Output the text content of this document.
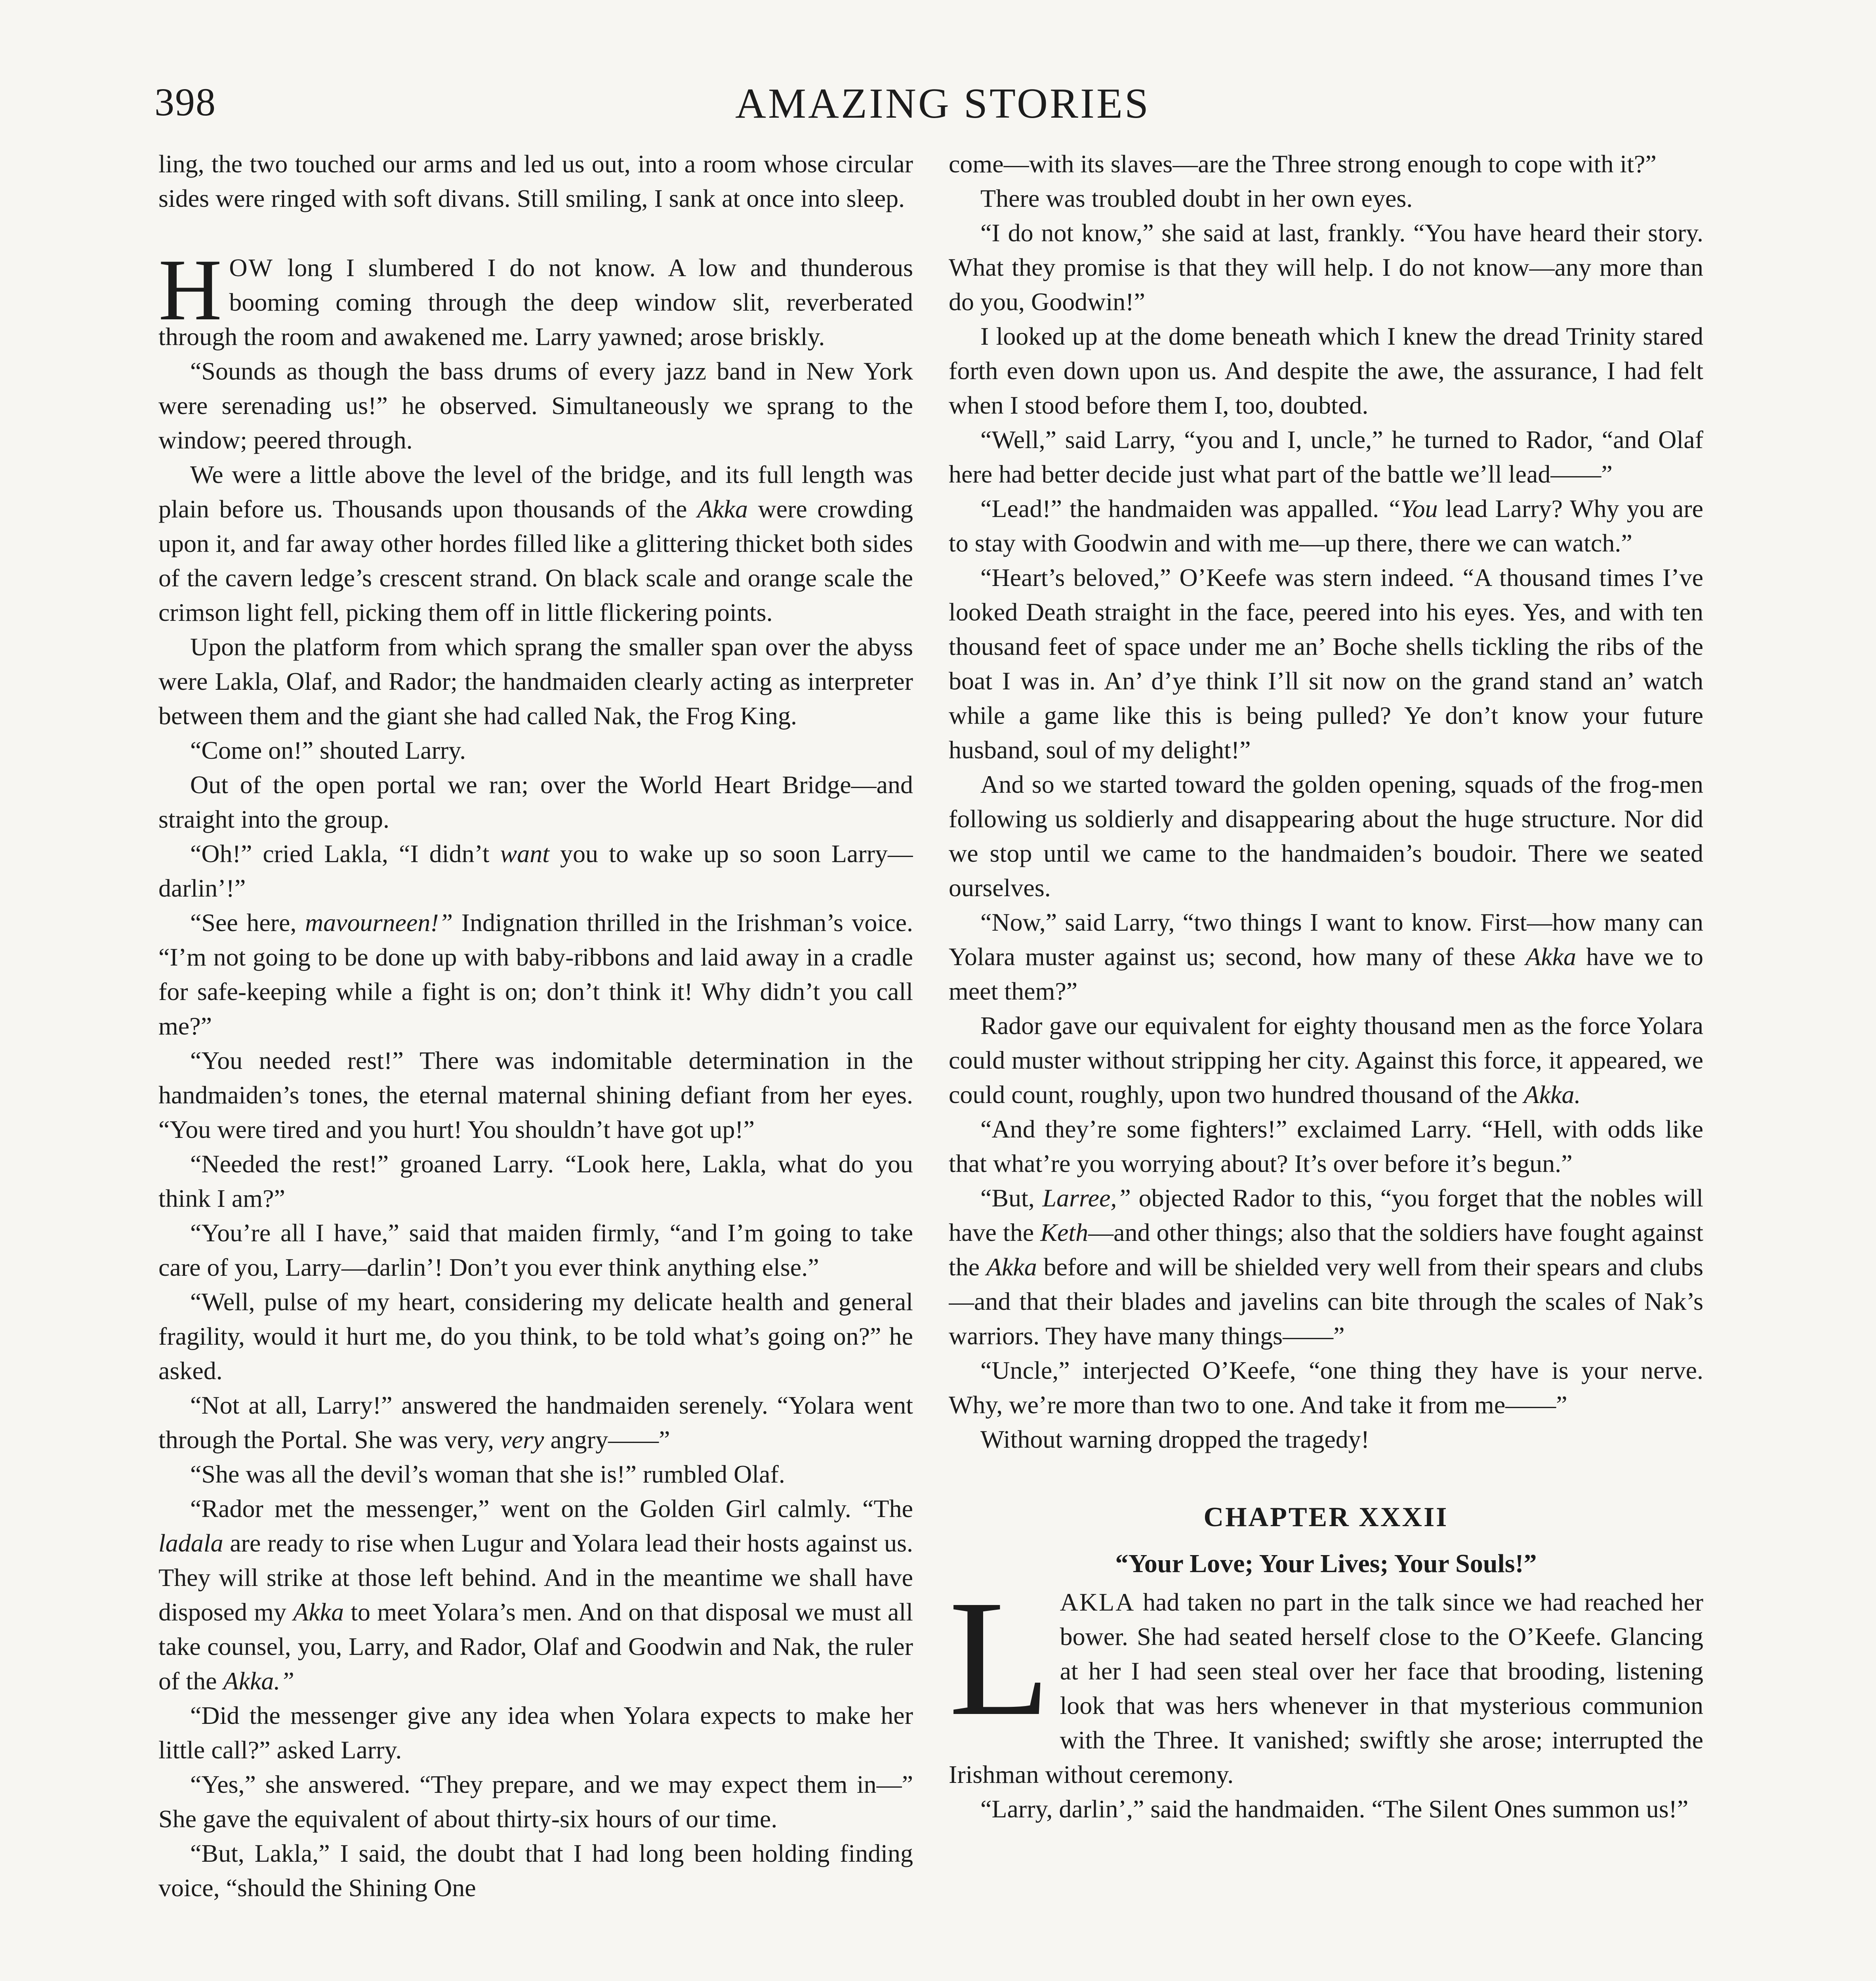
398	AMAZING STORIES

ling, the two touched our arms and led us out, into a room whose circular sides were ringed with soft divans. Still smiling, I sank at once into sleep.

HOW long I slumbered I do not know. A low and thunderous booming coming through the deep window slit, reverberated through the room and awakened me. Larry yawned; arose briskly.

“Sounds as though the bass drums of every jazz band in New York were serenading us!” he observed. Simultaneously we sprang to the window; peered through.

We were a little above the level of the bridge, and its full length was plain before us. Thousands upon thousands of the Akka were crowding upon it, and far away other hordes filled like a glittering thicket both sides of the cavern ledge’s crescent strand. On black scale and orange scale the crimson light fell, picking them off in little flickering points.

Upon the platform from which sprang the smaller span over the abyss were Lakla, Olaf, and Rador; the handmaiden clearly acting as interpreter between them and the giant she had called Nak, the Frog King.

“Come on!” shouted Larry.

Out of the open portal we ran; over the World Heart Bridge—and straight into the group.

“Oh!” cried Lakla, “I didn’t want you to wake up so soon Larry—darlin’!”

“See here, mavourneen!” Indignation thrilled in the Irishman’s voice. “I’m not going to be done up with baby-ribbons and laid away in a cradle for safe-keeping while a fight is on; don’t think it! Why didn’t you call me?”

“You needed rest!” There was indomitable determination in the handmaiden’s tones, the eternal maternal shining defiant from her eyes. “You were tired and you hurt! You shouldn’t have got up!”

“Needed the rest!” groaned Larry. “Look here, Lakla, what do you think I am?”

“You’re all I have,” said that maiden firmly, “and I’m going to take care of you, Larry—darlin’! Don’t you ever think anything else.”

“Well, pulse of my heart, considering my delicate health and general fragility, would it hurt me, do you think, to be told what’s going on?” he asked.

“Not at all, Larry!” answered the handmaiden serenely. “Yolara went through the Portal. She was very, very angry——”

“She was all the devil’s woman that she is!” rumbled Olaf.

“Rador met the messenger,” went on the Golden Girl calmly. “The ladala are ready to rise when Lugur and Yolara lead their hosts against us. They will strike at those left behind. And in the meantime we shall have disposed my Akka to meet Yolara’s men. And on that disposal we must all take counsel, you, Larry, and Rador, Olaf and Goodwin and Nak, the ruler of the Akka.”

“Did the messenger give any idea when Yolara expects to make her little call?” asked Larry.

“Yes,” she answered. “They prepare, and we may expect them in—” She gave the equivalent of about thirty-six hours of our time.

“But, Lakla,” I said, the doubt that I had long been holding finding voice, “should the Shining One

come—with its slaves—are the Three strong enough to cope with it?”

There was troubled doubt in her own eyes.

“I do not know,” she said at last, frankly. “You have heard their story. What they promise is that they will help. I do not know—any more than do you, Goodwin!”

I looked up at the dome beneath which I knew the dread Trinity stared forth even down upon us. And despite the awe, the assurance, I had felt when I stood before them I, too, doubted.

“Well,” said Larry, “you and I, uncle,” he turned to Rador, “and Olaf here had better decide just what part of the battle we’ll lead——”

“Lead!” the handmaiden was appalled. “You lead Larry? Why you are to stay with Goodwin and with me—up there, there we can watch.”

“Heart’s beloved,” O’Keefe was stern indeed. “A thousand times I’ve looked Death straight in the face, peered into his eyes. Yes, and with ten thousand feet of space under me an’ Boche shells tickling the ribs of the boat I was in. An’ d’ye think I’ll sit now on the grand stand an’ watch while a game like this is being pulled? Ye don’t know your future husband, soul of my delight!”

And so we started toward the golden opening, squads of the frog-men following us soldierly and disappearing about the huge structure. Nor did we stop until we came to the handmaiden’s boudoir. There we seated ourselves.

“Now,” said Larry, “two things I want to know. First—how many can Yolara muster against us; second, how many of these Akka have we to meet them?”

Rador gave our equivalent for eighty thousand men as the force Yolara could muster without stripping her city. Against this force, it appeared, we could count, roughly, upon two hundred thousand of the Akka.

“And they’re some fighters!” exclaimed Larry. “Hell, with odds like that what’re you worrying about? It’s over before it’s begun.”

“But, Larree,” objected Rador to this, “you forget that the nobles will have the Keth—and other things; also that the soldiers have fought against the Akka before and will be shielded very well from their spears and clubs—and that their blades and javelins can bite through the scales of Nak’s warriors. They have many things——”

“Uncle,” interjected O’Keefe, “one thing they have is your nerve. Why, we’re more than two to one. And take it from me——”

Without warning dropped the tragedy!

CHAPTER XXXII
“Your Love; Your Lives; Your Souls!”

LAKLA had taken no part in the talk since we had reached her bower. She had seated herself close to the O’Keefe. Glancing at her I had seen steal over her face that brooding, listening look that was hers whenever in that mysterious communion with the Three. It vanished; swiftly she arose; interrupted the Irishman without ceremony.

“Larry, darlin’,” said the handmaiden. “The Silent Ones summon us!”
